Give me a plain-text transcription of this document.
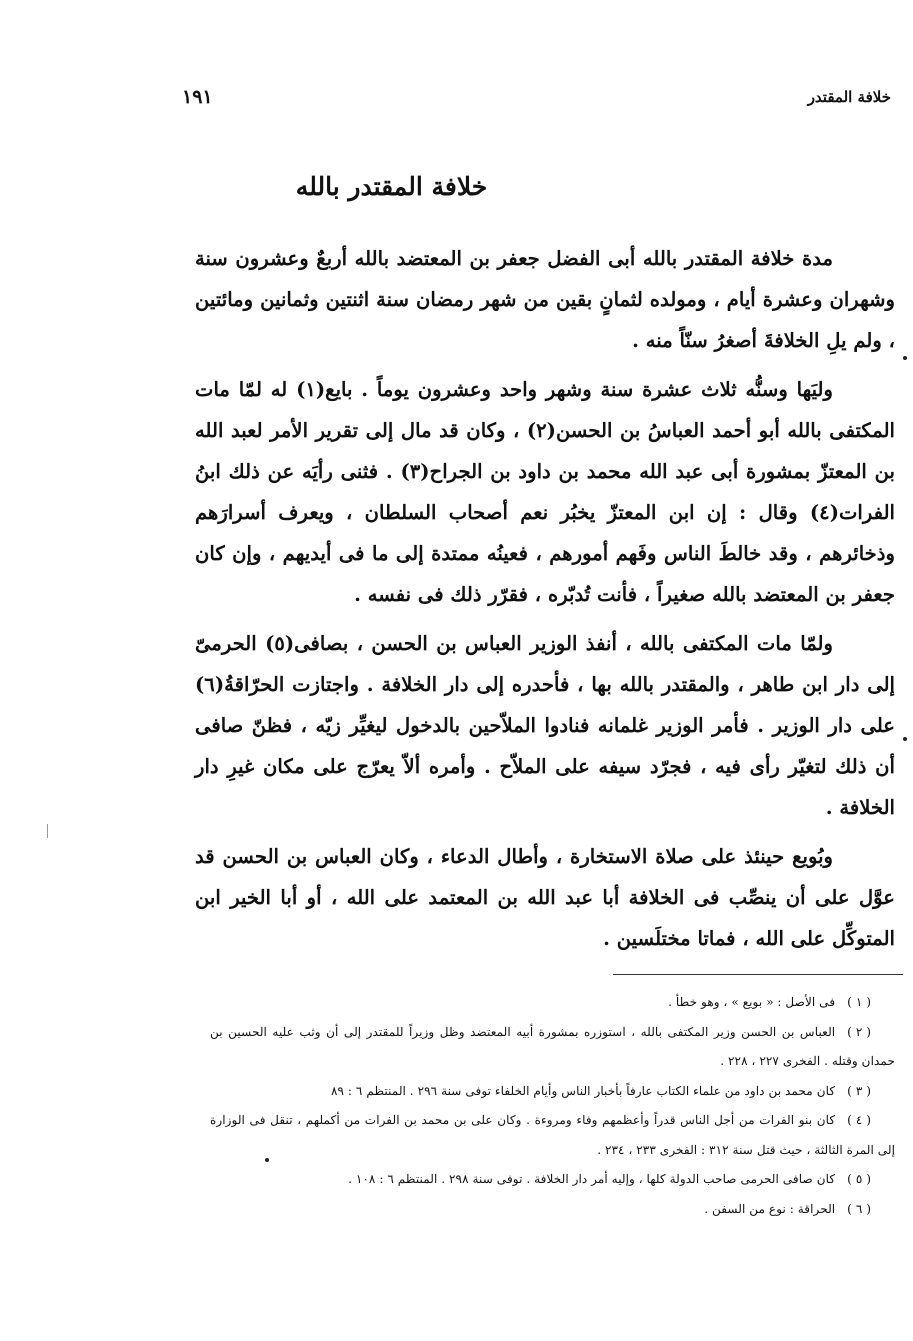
خلافة المقتدر
١٩١
خلافة المقتدر بالله

مدة خلافة المقتدر بالله أبى الفضل جعفر بن المعتضد بالله أربعٌ وعشرون سنة وشهران وعشرة أيام ، ومولده لثمانٍ بقين من شهر رمضان سنة اثنتين وثمانين ومائتين ، ولم يلِ الخلافةَ أصغرُ سنّاً منه .

وليَها وسنُّه ثلاث عشرة سنة وشهر واحد وعشرون يوماً . بايع(١) له لمّا مات المكتفى بالله أبو أحمد العباسُ بن الحسن(٢) ، وكان قد مال إلى تقرير الأمر لعبد الله بن المعتزّ بمشورة أبى عبد الله محمد بن داود بن الجراح(٣) . فثنى رأيَه عن ذلك ابنُ الفرات(٤) وقال : إن ابن المعتزّ يخبُر نعم أصحاب السلطان ، ويعرف أسرارَهم وذخائرهم ، وقد خالطَ الناس وفَهم أمورهم ، فعينُه ممتدة إلى ما فى أيديهم ، وإن كان جعفر بن المعتضد بالله صغيراً ، فأنت تُدبّره ، فقرّر ذلك فى نفسه .

ولمّا مات المكتفى بالله ، أنفذ الوزير العباس بن الحسن ، بصافى(٥) الحرمىّ إلى دار ابن طاهر ، والمقتدر بالله بها ، فأحدره إلى دار الخلافة . واجتازت الحرّاقةُ(٦) على دار الوزير . فأمر الوزير غلمانه فنادوا الملاّحين بالدخول ليغيِّر زيّه ، فظنّ صافى أن ذلك لتغيّر رأى فيه ، فجرّد سيفه على الملاّح . وأمره ألاّ يعرّج على مكان غيرِ دار الخلافة .

وبُويع حينئذ على صلاة الاستخارة ، وأطال الدعاء ، وكان العباس بن الحسن قد عوَّل على أن ينصِّب فى الخلافة أبا عبد الله بن المعتمد على الله ، أو أبا الخير ابن المتوكِّل على الله ، فماتا مختلَسين .

( ١ )فى الأصل : « بويع » ، وهو خطأ .

( ٢ )العباس بن الحسن وزير المكتفى بالله ، استوزره بمشورة أبيه المعتضد وظل وزيراً للمقتدر إلى أن وثب عليه الحسين بن حمدان وقتله . الفخرى ٢٢٧ ، ٢٢٨ .

( ٣ )كان محمد بن داود من علماء الكتاب عارفاً بأخبار الناس وأيام الخلفاء توفى سنة ٢٩٦ . المنتظم ٦ : ٨٩

( ٤ )كان بنو الفرات من أجل الناس قدراً وأعظمهم وفاء ومروءة . وكان على بن محمد بن الفرات من أكملهم ، تنقل فى الوزارة إلى المرة الثالثة ، حيث قتل سنة ٣١٢ : الفخرى ٢٣٣ ، ٢٣٤ .

( ٥ )كان صافى الحرمى صاحب الدولة كلها ، وإليه أمر دار الخلافة . توفى سنة ٢٩٨ . المنتظم ٦ : ١٠٨ .

( ٦ )الحراقة : نوع من السفن .
